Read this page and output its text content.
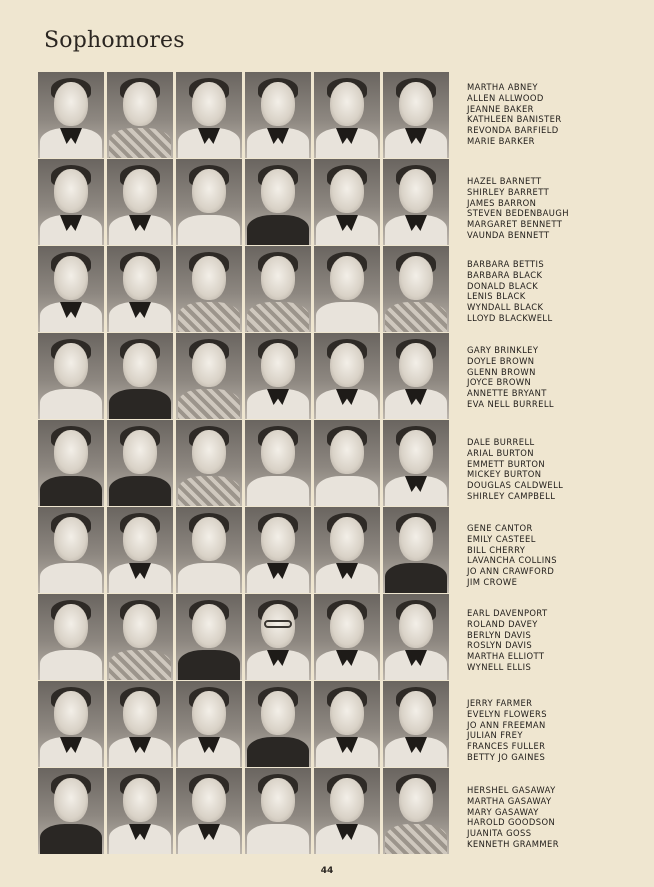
Sophomores
MARTHA ABNEY
ALLEN ALLWOOD
JEANNE BAKER
KATHLEEN BANISTER
REVONDA BARFIELD
MARIE BARKER
HAZEL BARNETT
SHIRLEY BARRETT
JAMES BARRON
STEVEN BEDENBAUGH
MARGARET BENNETT
VAUNDA BENNETT
BARBARA BETTIS
BARBARA BLACK
DONALD BLACK
LENIS BLACK
WYNDALL BLACK
LLOYD BLACKWELL
GARY BRINKLEY
DOYLE BROWN
GLENN BROWN
JOYCE BROWN
ANNETTE BRYANT
EVA NELL BURRELL
DALE BURRELL
ARIAL BURTON
EMMETT BURTON
MICKEY BURTON
DOUGLAS CALDWELL
SHIRLEY CAMPBELL
GENE CANTOR
EMILY CASTEEL
BILL CHERRY
LAVANCHA COLLINS
JO ANN CRAWFORD
JIM CROWE
EARL DAVENPORT
ROLAND DAVEY
BERLYN DAVIS
ROSLYN DAVIS
MARTHA ELLIOTT
WYNELL ELLIS
JERRY FARMER
EVELYN FLOWERS
JO ANN FREEMAN
JULIAN FREY
FRANCES FULLER
BETTY JO GAINES
HERSHEL GASAWAY
MARTHA GASAWAY
MARY GASAWAY
HAROLD GOODSON
JUANITA GOSS
KENNETH GRAMMER
44
